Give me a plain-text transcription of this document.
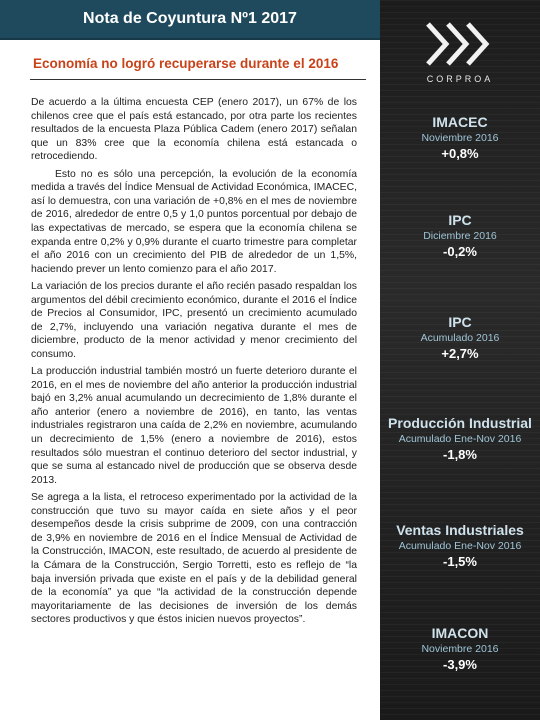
Nota de Coyuntura Nº1 2017
Economía no logró recuperarse durante el 2016

De acuerdo a la última encuesta CEP (enero 2017), un 67% de los chilenos cree que el país está estancado, por otra parte los recientes resultados de la encuesta Plaza Pública Cadem (enero 2017) señalan que un 83% cree que la economía chilena está estancada o retrocediendo.

Esto no es sólo una percepción, la evolución de la economía medida a través del Índice Mensual de Actividad Económica, IMACEC, así lo demuestra, con una variación de +0,8% en el mes de noviembre de 2016, alrededor de entre 0,5 y 1,0 puntos porcentual por debajo de las expectativas de mercado, se espera que la economía chilena se expanda entre 0,2% y 0,9% durante el cuarto trimestre para completar el año 2016 con un crecimiento del PIB de alrededor de un 1,5%, haciendo prever un lento comienzo para el año 2017.

La variación de los precios durante el año recién pasado respaldan los argumentos del débil crecimiento económico, durante el 2016 el Índice de Precios al Consumidor, IPC, presentó un crecimiento acumulado de 2,7%, incluyendo una variación negativa durante el mes de diciembre, producto de la menor actividad y menor crecimiento del consumo.

La producción industrial también mostró un fuerte deterioro durante el 2016, en el mes de noviembre del año anterior la producción industrial bajó en 3,2% anual acumulando un decrecimiento de 1,8% durante el año anterior (enero a noviembre de 2016), en tanto, las ventas industriales registraron una caída de 2,2% en noviembre, acumulando un decrecimiento de 1,5% (enero a noviembre de 2016), estos resultados sólo muestran el continuo deterioro del sector industrial, y que se suma al estancado nivel de producción que se observa desde 2013.

Se agrega a la lista, el retroceso experimentado por la actividad de la construcción que tuvo su mayor caída en siete años y el peor desempeños desde la crisis subprime de 2009, con una contracción de 3,9% en noviembre de 2016 en el Índice Mensual de Actividad de la Construcción, IMACON, este resultado, de acuerdo al presidente de la Cámara de la Construcción, Sergio Torretti, esto es reflejo de “la baja inversión privada que existe en el país y de la debilidad general de la economía” ya que “la actividad de la construcción depende mayoritariamente de las decisiones de inversión de los demás sectores productivos y que éstos inicien nuevos proyectos”.

CORPROA
IMACEC
Noviembre 2016
+0,8%
IPC
Diciembre 2016
-0,2%
IPC
Acumulado 2016
+2,7%
Producción Industrial
Acumulado Ene-Nov 2016
-1,8%
Ventas Industriales
Acumulado Ene-Nov 2016
-1,5%
IMACON
Noviembre 2016
-3,9%
